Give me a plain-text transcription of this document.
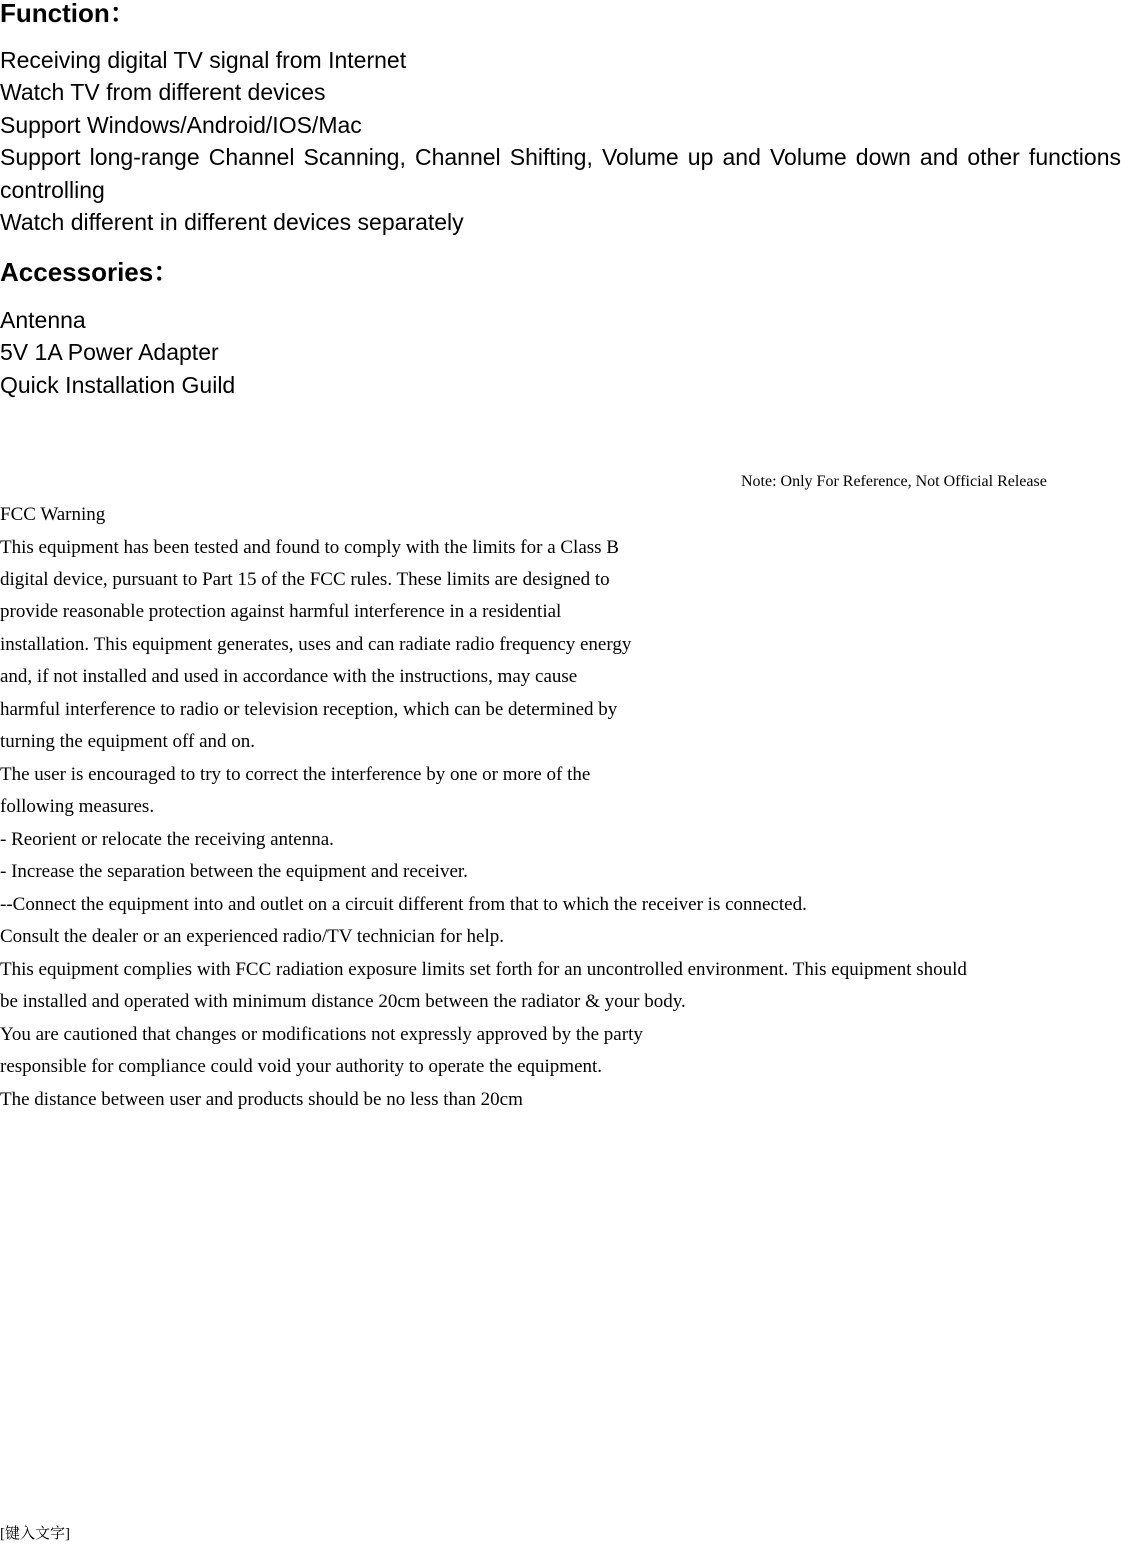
Function：
Receiving digital TV signal from Internet
Watch TV from different devices
Support Windows/Android/IOS/Mac
Support long-range Channel Scanning, Channel Shifting, Volume up and Volume down and other functions controlling
Watch different in different devices separately
Accessories：
Antenna
5V 1A Power Adapter
Quick Installation Guild
Note: Only For Reference, Not Official Release
FCC Warning
This equipment has been tested and found to comply with the limits for a Class B
digital device, pursuant to Part 15 of the FCC rules. These limits are designed to
provide reasonable protection against harmful interference in a residential
installation. This equipment generates, uses and can radiate radio frequency energy
and, if not installed and used in accordance with the instructions, may cause
harmful interference to radio or television reception, which can be determined by
turning the equipment off and on.
The user is encouraged to try to correct the interference by one or more of the
following measures.
- Reorient or relocate the receiving antenna.
- Increase the separation between the equipment and receiver.
--Connect the equipment into and outlet on a circuit different from that to which the receiver is connected.
Consult the dealer or an experienced radio/TV technician for help.
This equipment complies with FCC radiation exposure limits set forth for an uncontrolled environment. This equipment should
be installed and operated with minimum distance 20cm between the radiator & your body.
You are cautioned that changes or modifications not expressly approved by the party
responsible for compliance could void your authority to operate the equipment.
The distance between user and products should be no less than 20cm
[键入文字]
